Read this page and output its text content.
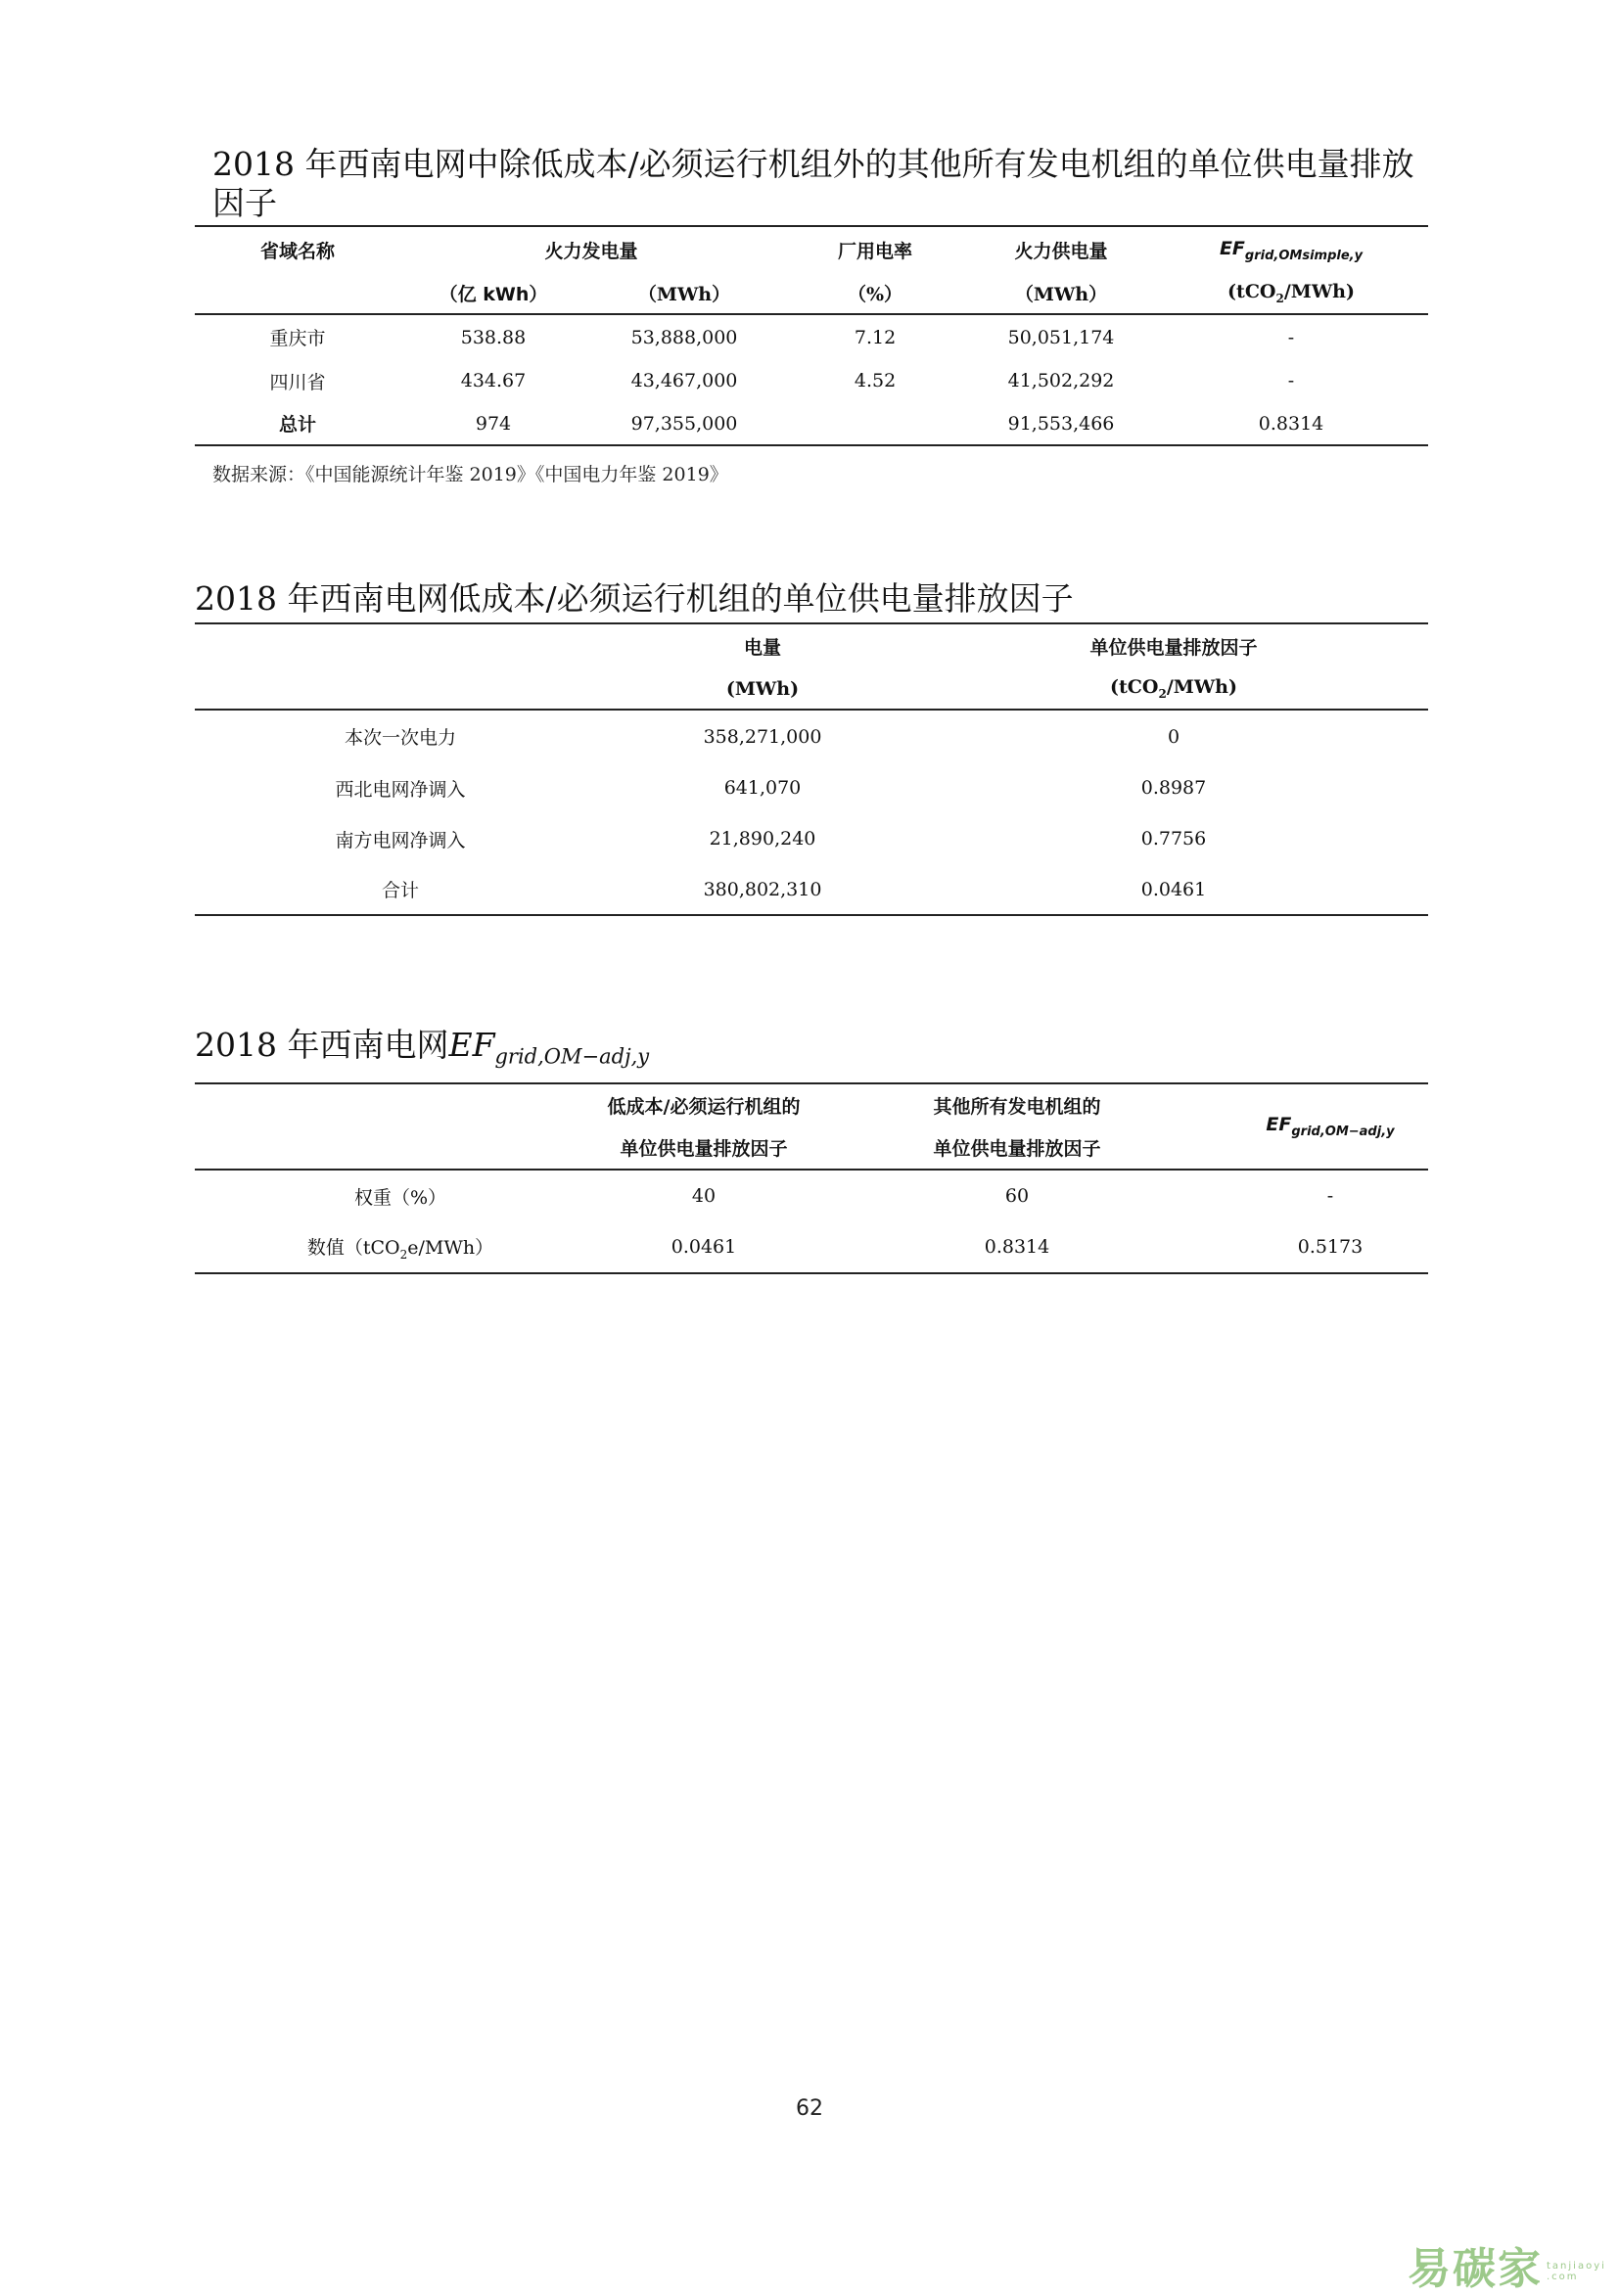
2018 年西南电网中除低成本/必须运行机组外的其他所有发电机组的单位供电量排放
因子
省域名称	火力发电量		厂用电率	火力供电量	$EF_{grid,OMsimple,y}$
	（亿 kWh）	（MWh）	（%）	（MWh）	(tCO$_2$/MWh)
重庆市	538.88	53,888,000	7.12	50,051,174	-
四川省	434.67	43,467,000	4.52	41,502,292	-
总计	974	97,355,000		91,553,466	0.8314
数据来源：《中国能源统计年鉴 2019》《中国电力年鉴 2019》
2018 年西南电网低成本/必须运行机组的单位供电量排放因子
	电量	单位供电量排放因子
	(MWh)	(tCO$_2$/MWh)
本次一次电力	358,271,000	0
西北电网净调入	641,070	0.8987
南方电网净调入	21,890,240	0.7756
合计	380,802,310	0.0461
2018 年西南电网$EF_{grid,OM-adj,y}$
	低成本/必须运行机组的	其他所有发电机组的	$EF_{grid,OM-adj,y}$
	单位供电量排放因子	单位供电量排放因子	
权重（%）	40	60	-
数值（tCO$_2$e/MWh）	0.0461	0.8314	0.5173
62
易碳家 tanjiaoyi
.com
